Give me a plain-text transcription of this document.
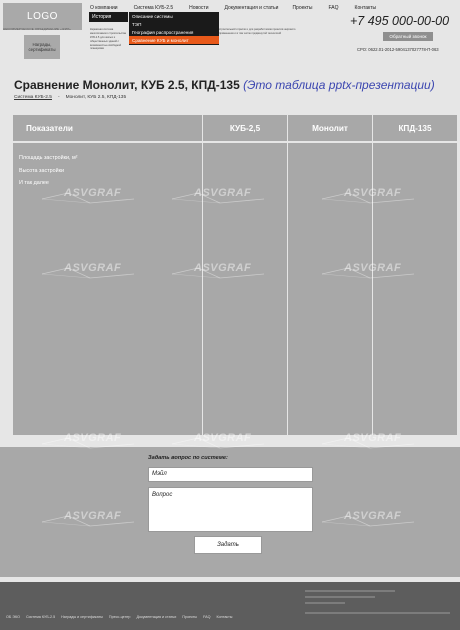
LOGO
НЕКОММЕРЧЕСКОЕ ОБЪЕДИНЕНИЕ «ЖИЛ»
Награды, сертификаты
О компании	Система КУБ-2.5	Новости	Документация и статьи	Проекты	FAQ	Контакты
История	Описание системы
ТЭП
География распространения
Сравнение КУБ и монолит
Каркасная система многоэтажного строительства КУБ-2.5 для жилых и общественных зданий с возможностью свободной планировки
строительной отрасли и для разработчиков проектов широкого применения и в том числе продвинутой технологий
+7 495 000-00-00
Обратный звонок
СРО: 0622.01-2012-5904137027778-П-063
Сравнение Монолит, КУБ 2.5, КПД-135 (Это таблица pptx-презентации)
Система КУБ-2.5 - Монолит, КУБ 2.5, КПД-135
Показатели	КУБ-2,5	Монолит	КПД-135
Площадь застройки, м²
Высота застройки
И так далее
Задать вопрос по системе:
Мэйл
Вопрос
Задать
ASVGRAF	ASVGRAF	ASVGRAF
ASVGRAF	ASVGRAF	ASVGRAF
ASVGRAF	ASVGRAF	ASVGRAF
ASVGRAF	ASVGRAF	ASVGRAF
ОБ ЭКО Система КУБ-2.5 Награды и сертификаты Пресс-центр Документация и статьи Проекты FAQ Контакты
